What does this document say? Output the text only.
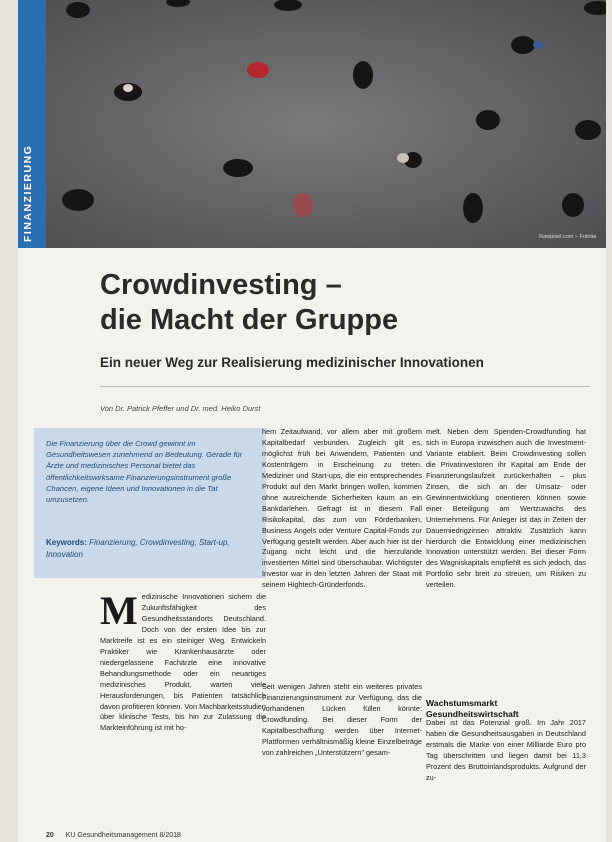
FINANZIERUNG	Rawpixel.com – Fotolia
Crowdinvesting –
die Macht der Gruppe
Ein neuer Weg zur Realisierung medizinischer Innovationen
Von Dr. Patrick Pfeffer und Dr. med. Heiko Durst
Die Finanzierung über die Crowd gewinnt im Gesundheitswesen zunehmend an Bedeutung. Gerade für Ärzte und medizinisches Personal bietet das öffentlichkeitswirksame Finanzierungsinstrument große Chancen, eigene Ideen und Innovationen in die Tat umzusetzen.
Keywords: Finanzierung, Crowdinvesting, Start-up, Innovation
M edizinische Innovationen sichern die Zukunftsfähigkeit des Gesundheitsstandorts Deutschland. Doch von der ersten Idee bis zur Marktreife ist es ein steiniger Weg. Entwickeln Praktiker wie Krankenhausärzte oder niedergelassene Fachärzte eine innovative Behandlungsmethode oder ein neuartiges medizinisches Produkt, warten viele Herausforderungen, bis Patienten tatsächlich davon profitieren können. Von Machbarkeitsstudien über klinische Tests, bis hin zur Zulassung die Markteinführung ist mit ho-

hem Zeitaufwand, vor allem aber mit großem Kapitalbedarf verbunden. Zugleich gilt es, möglichst früh bei Anwendern, Patienten und Kostenträgern in Erscheinung zu treten. Mediziner und Start-ups, die ein entsprechendes Produkt auf den Markt bringen wollen, kommen ohne ausreichende Sicherheiten kaum an ein Bankdarlehen. Gefragt ist in diesem Fall Risikokapital, das zum von Förderbanken, Business Angels oder Venture Capital-Fonds zur Verfügung gestellt werden. Aber auch hier ist der Zugang nicht leicht und die hierzulande investierten Mittel sind überschaubar. Wichtigster Investor war in den letzten Jahren der Staat mit seinem Hightech-Gründerfonds.

Seit wenigen Jahren steht ein weiteres privates Finanzierungsinstrument zur Verfügung, das die vorhandenen Lücken füllen könnte: Crowdfunding. Bei dieser Form der Kapitalbeschaffung werden über Internet-Plattformen verhältnismäßig kleine Einzelbeträge von zahlreichen „Unterstützern" gesam-

melt. Neben dem Spenden-Crowdfunding hat sich in Europa inzwischen auch die Investment-Variante etabliert. Beim Crowdinvesting sollen die Privatinvestoren ihr Kapital am Ende der Finanzierungslaufzeit zurückerhalten – plus Zinsen, die sich an der Umsatz- oder Gewinnentwicklung orientieren können sowie einer Beteiligung am Wertzuwachs des Unternehmens. Für Anleger ist das in Zeiten der Dauerniedrigzinsen attraktiv. Zusätzlich kann hierdurch die Entwicklung einer medizinischen Innovation unterstützt werden. Bei dieser Form des Wagniskapitals empfiehlt es sich jedoch, das Portfolio sehr breit zu streuen, um Risiken zu verteilen.

Wachstumsmarkt
Gesundheitswirtschaft

Dabei ist das Potenzial groß. Im Jahr 2017 haben die Gesundheitsausgaben in Deutschland erstmals die Marke von einer Milliarde Euro pro Tag überschritten und liegen damit bei 11,3 Prozent des Bruttoinlandsprodukts. Aufgrund der zu-

20 KU Gesundheitsmanagement 8/2018
